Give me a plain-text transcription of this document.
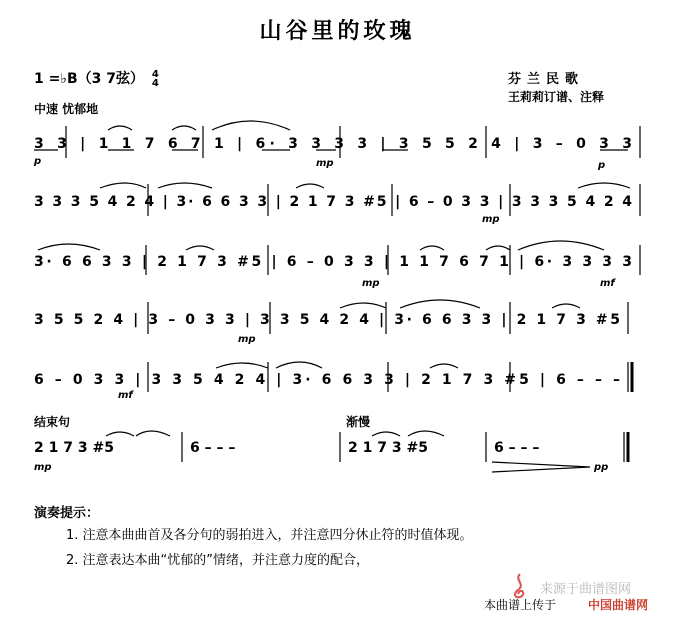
山谷里的玫瑰
1 =♭B（3 7弦） 4
4
中速 忧郁地
芬兰民歌
王莉莉订谱、注释
3 3 | 1 1 7 6 7 1 | 6· 3 3 3 3 | 3 5 5 2 4 | 3 – 0 3 3
3 3 3 5 4 2 4 | 3· 6 6 3 3 | 2 1 7 3 #5 | 6 – 0 3 3 | 3 3 3 5 4 2 4
3· 6 6 3 3 | 2 1 7 3 #5 | 6 – 0 3 3 | 1 1 7 6 7 1 | 6· 3 3 3 3
3 5 5 2 4 | 3 – 0 3 3 | 3 3 5 4 2 4 | 3· 6 6 3 3 | 2 1 7 3 #5
6 – 0 3 3 | 3 3 5 4 2 4 | 3· 6 6 3 3 | 2 1 7 3 #5 | 6 – – –
p	mp	p
mp
mp	mf
mp
mf
mp	pp
结束句	渐慢
2 1 7 3 #5	6 – – –	2 1 7 3 #5	6 – – –
演奏提示：
1. 注意本曲曲首及各分句的弱拍进入，并注意四分休止符的时值体现。
2. 注意表达本曲“忧郁的”情绪，并注意力度的配合，
来源于曲谱图网
本曲谱上传于	中国曲谱网
